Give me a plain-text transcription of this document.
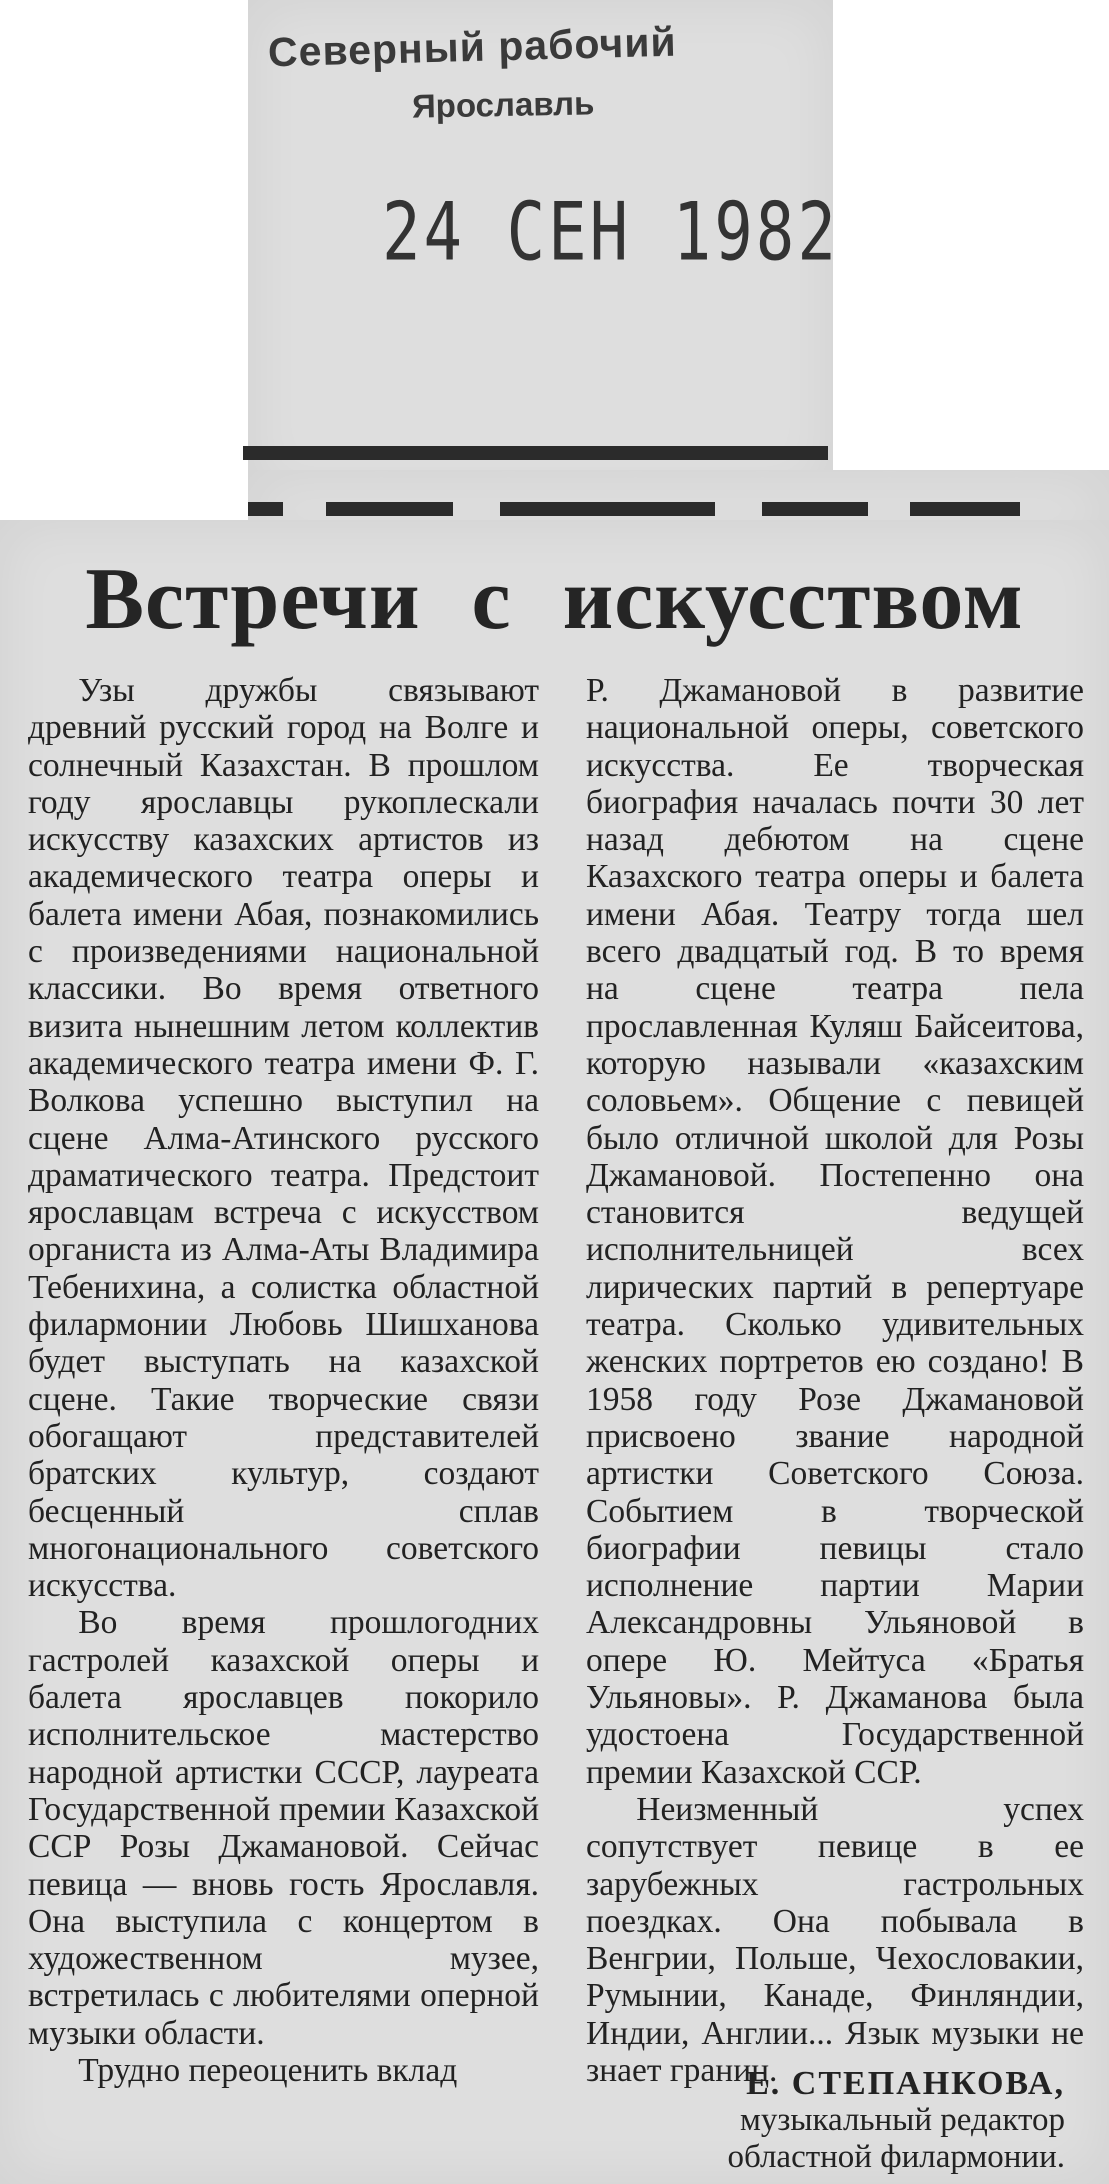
Северный рабочий
Ярославль
24 СЕН 1982
Встречи с искусством

Узы дружбы связывают древний русский город на Волге и солнечный Казахстан. В прошлом году ярославцы рукоплескали искусству казахских артистов из академического театра оперы и балета имени Абая, познакомились с произведениями национальной классики. Во время ответного визита нынешним летом коллектив академического театра имени Ф. Г. Волкова успешно выступил на сцене Алма-Атинского русского драматического театра. Предстоит ярославцам встреча с искусством органиста из Алма-Аты Владимира Тебенихина, а солистка областной филармонии Любовь Шишханова будет выступать на казахской сцене. Такие творческие связи обогащают представителей братских культур, создают бесценный сплав многонационального советского искусства.

Во время прошлогодних гастролей казахской оперы и балета ярославцев покорило исполнительское мастерство народной артистки СССР, лауреата Государственной премии Казахской ССР Розы Джамановой. Сейчас певица — вновь гость Ярославля. Она выступила с концертом в художественном музее, встретилась с любителями оперной музыки области.

Трудно переоценить вклад

Р. Джамановой в развитие национальной оперы, советского искусства. Ее творческая биография началась почти 30 лет назад дебютом на сцене Казахского театра оперы и балета имени Абая. Театру тогда шел всего двадцатый год. В то время на сцене театра пела прославленная Куляш Байсеитова, которую называли «казахским соловьем». Общение с певицей было отличной школой для Розы Джамановой. Постепенно она становится ведущей исполнительницей всех лирических партий в репертуаре театра. Сколько удивительных женских портретов ею создано! В 1958 году Розе Джамановой присвоено звание народной артистки Советского Союза. Событием в творческой биографии певицы стало исполнение партии Марии Александровны Ульяновой в опере Ю. Мейтуса «Братья Ульяновы». Р. Джаманова была удостоена Государственной премии Казахской ССР.

Неизменный успех сопутствует певице в ее зарубежных гастрольных поездках. Она побывала в Венгрии, Польше, Чехословакии, Румынии, Канаде, Финляндии, Индии, Англии... Язык музыки не знает границ.

Е. СТЕПАНКОВА,
музыкальный редактор
областной филармонии.
